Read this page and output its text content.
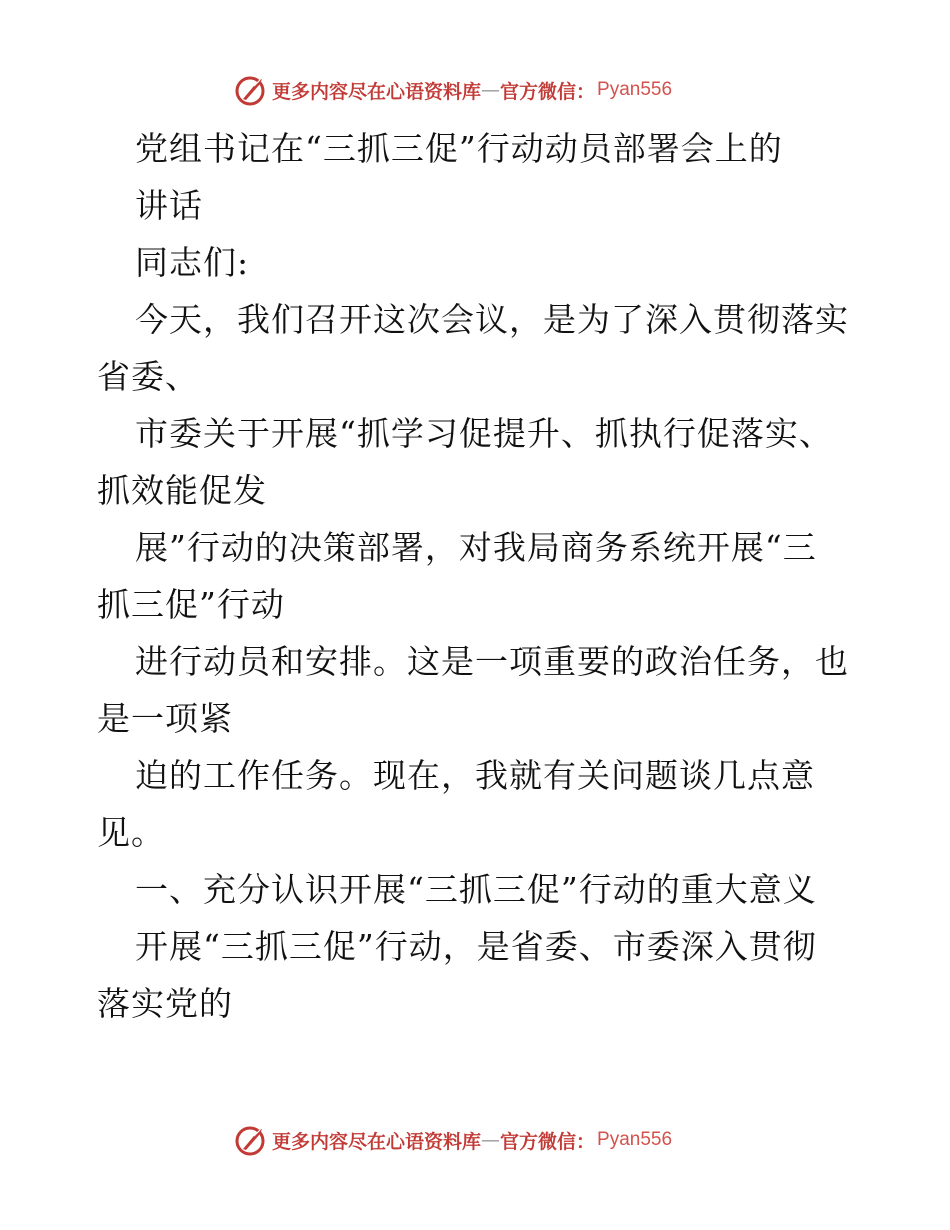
更多内容尽在心语资料库 — 官方微信： Pyan556
党组书记在“三抓三促”行动动员部署会上的
讲话
同志们:
今天，我们召开这次会议，是为了深入贯彻落实
省委、
市委关于开展“抓学习促提升、抓执行促落实、
抓效能促发
展”行动的决策部署，对我局商务系统开展“三
抓三促”行动
进行动员和安排。这是一项重要的政治任务，也
是一项紧
迫的工作任务。现在，我就有关问题谈几点意
见。
一、充分认识开展“三抓三促”行动的重大意义
开展“三抓三促”行动，是省委、市委深入贯彻
落实党的
更多内容尽在心语资料库 — 官方微信： Pyan556
